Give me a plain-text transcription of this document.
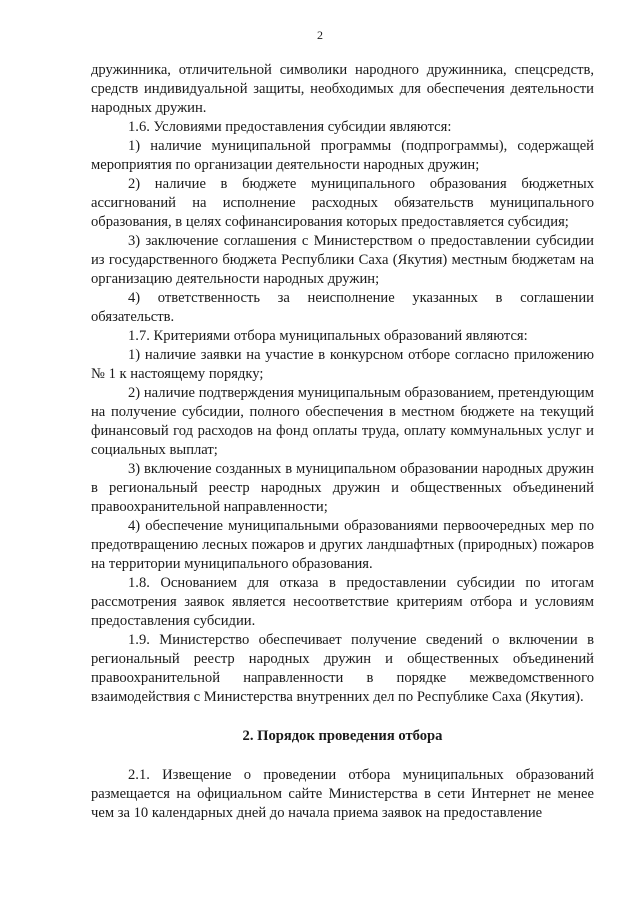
2

дружинника, отличительной символики народного дружинника, спецсредств, средств индивидуальной защиты, необходимых для обеспечения деятельности народных дружин.

1.6. Условиями предоставления субсидии являются:

1) наличие муниципальной программы (подпрограммы), содержащей мероприятия по организации деятельности народных дружин;

2) наличие в бюджете муниципального образования бюджетных ассигнований на исполнение расходных обязательств муниципального образования, в целях софинансирования которых предоставляется субсидия;

3) заключение соглашения с Министерством о предоставлении субсидии из государственного бюджета Республики Саха (Якутия) местным бюджетам на организацию деятельности народных дружин;

4) ответственность за неисполнение указанных в соглашении обязательств.

1.7. Критериями отбора муниципальных образований являются:

1) наличие заявки на участие в конкурсном отборе согласно приложению № 1 к настоящему порядку;

2) наличие подтверждения муниципальным образованием, претендующим на получение субсидии, полного обеспечения в местном бюджете на текущий финансовый год расходов на фонд оплаты труда, оплату коммунальных услуг и социальных выплат;

3) включение созданных в муниципальном образовании народных дружин в региональный реестр народных дружин и общественных объединений правоохранительной направленности;

4) обеспечение муниципальными образованиями первоочередных мер по предотвращению лесных пожаров и других ландшафтных (природных) пожаров на территории муниципального образования.

1.8. Основанием для отказа в предоставлении субсидии по итогам рассмотрения заявок является несоответствие критериям отбора и условиям предоставления субсидии.

1.9. Министерство обеспечивает получение сведений о включении в региональный реестр народных дружин и общественных объединений правоохранительной направленности в порядке межведомственного взаимодействия с Министерства внутренних дел по Республике Саха (Якутия).

2. Порядок проведения отбора

2.1. Извещение о проведении отбора муниципальных образований размещается на официальном сайте Министерства в сети Интернет не менее чем за 10 календарных дней до начала приема заявок на предоставление
